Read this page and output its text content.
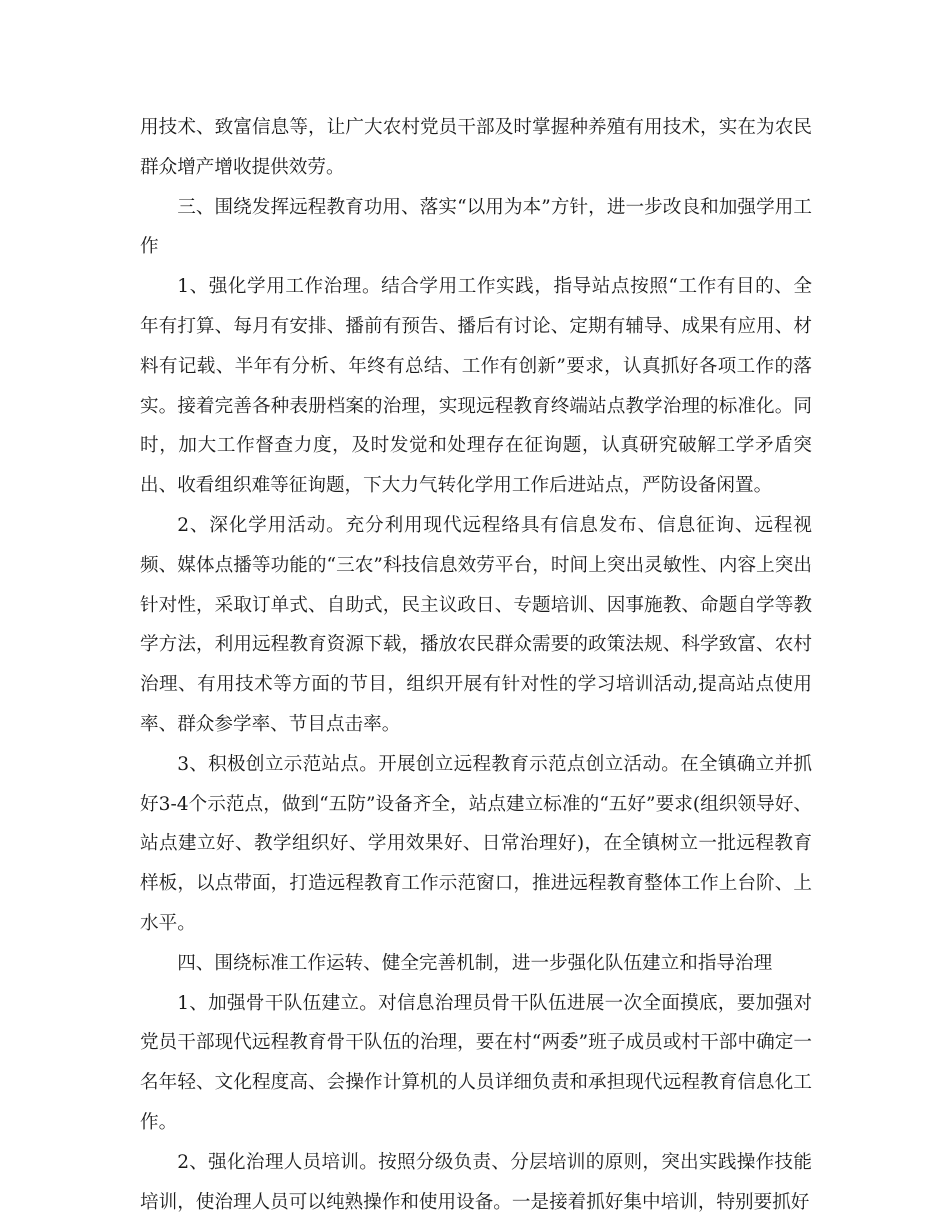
用技术、致富信息等，让广大农村党员干部及时掌握种养殖有用技术，实在为农民群众增产增收提供效劳。

三、围绕发挥远程教育功用、落实“以用为本”方针，进一步改良和加强学用工作

1、强化学用工作治理。结合学用工作实践，指导站点按照“工作有目的、全年有打算、每月有安排、播前有预告、播后有讨论、定期有辅导、成果有应用、材料有记载、半年有分析、年终有总结、工作有创新”要求，认真抓好各项工作的落实。接着完善各种表册档案的治理，实现远程教育终端站点教学治理的标准化。同时，加大工作督查力度，及时发觉和处理存在征询题，认真研究破解工学矛盾突出、收看组织难等征询题，下大力气转化学用工作后进站点，严防设备闲置。

2、深化学用活动。充分利用现代远程络具有信息发布、信息征询、远程视频、媒体点播等功能的“三农”科技信息效劳平台，时间上突出灵敏性、内容上突出针对性，采取订单式、自助式，民主议政日、专题培训、因事施教、命题自学等教学方法，利用远程教育资源下载，播放农民群众需要的政策法规、科学致富、农村治理、有用技术等方面的节目，组织开展有针对性的学习培训活动,提高站点使用率、群众参学率、节目点击率。

3、积极创立示范站点。开展创立远程教育示范点创立活动。在全镇确立并抓好3-4个示范点，做到“五防”设备齐全，站点建立标准的“五好”要求(组织领导好、站点建立好、教学组织好、学用效果好、日常治理好)，在全镇树立一批远程教育样板，以点带面，打造远程教育工作示范窗口，推进远程教育整体工作上台阶、上水平。

四、围绕标准工作运转、健全完善机制，进一步强化队伍建立和指导治理

1、加强骨干队伍建立。对信息治理员骨干队伍进展一次全面摸底，要加强对党员干部现代远程教育骨干队伍的治理，要在村“两委”班子成员或村干部中确定一名年轻、文化程度高、会操作计算机的人员详细负责和承担现代远程教育信息化工作。

2、强化治理人员培训。按照分级负责、分层培训的原则，突出实践操作技能培训，使治理人员可以纯熟操作和使用设备。一是接着抓好集中培训，特别要抓好
